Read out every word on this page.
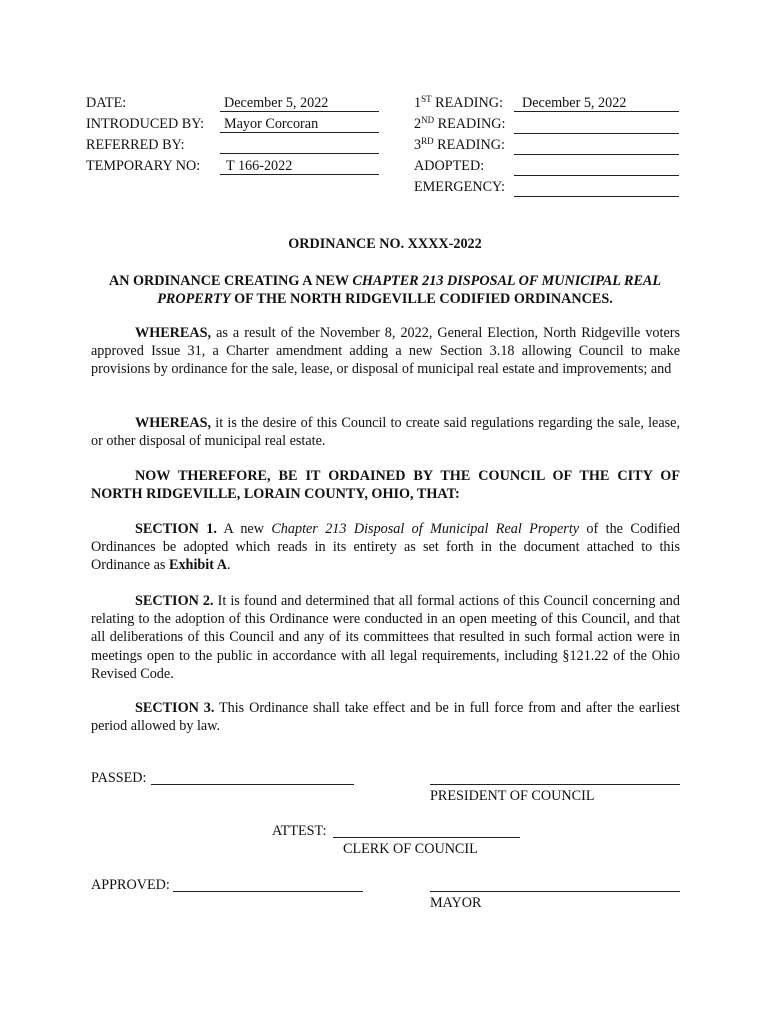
DATE:	December 5, 2022
INTRODUCED BY: Mayor Corcoran
REFERRED BY:
TEMPORARY NO:	T 166-2022
1ST READING:	December 5, 2022
2ND READING:
3RD READING:
ADOPTED:
EMERGENCY:
ORDINANCE NO. XXXX-2022
AN ORDINANCE CREATING A NEW CHAPTER 213 DISPOSAL OF MUNICIPAL REAL PROPERTY OF THE NORTH RIDGEVILLE CODIFIED ORDINANCES.

WHEREAS, as a result of the November 8, 2022, General Election, North Ridgeville voters approved Issue 31, a Charter amendment adding a new Section 3.18 allowing Council to make provisions by ordinance for the sale, lease, or disposal of municipal real estate and improvements; and

WHEREAS, it is the desire of this Council to create said regulations regarding the sale, lease, or other disposal of municipal real estate.

NOW THEREFORE, BE IT ORDAINED BY THE COUNCIL OF THE CITY OF NORTH RIDGEVILLE, LORAIN COUNTY, OHIO, THAT:

SECTION 1. A new Chapter 213 Disposal of Municipal Real Property of the Codified Ordinances be adopted which reads in its entirety as set forth in the document attached to this Ordinance as Exhibit A.

SECTION 2. It is found and determined that all formal actions of this Council concerning and relating to the adoption of this Ordinance were conducted in an open meeting of this Council, and that all deliberations of this Council and any of its committees that resulted in such formal action were in meetings open to the public in accordance with all legal requirements, including §121.22 of the Ohio Revised Code.

SECTION 3. This Ordinance shall take effect and be in full force from and after the earliest period allowed by law.

PASSED:
PRESIDENT OF COUNCIL
ATTEST:
CLERK OF COUNCIL
APPROVED:
MAYOR
